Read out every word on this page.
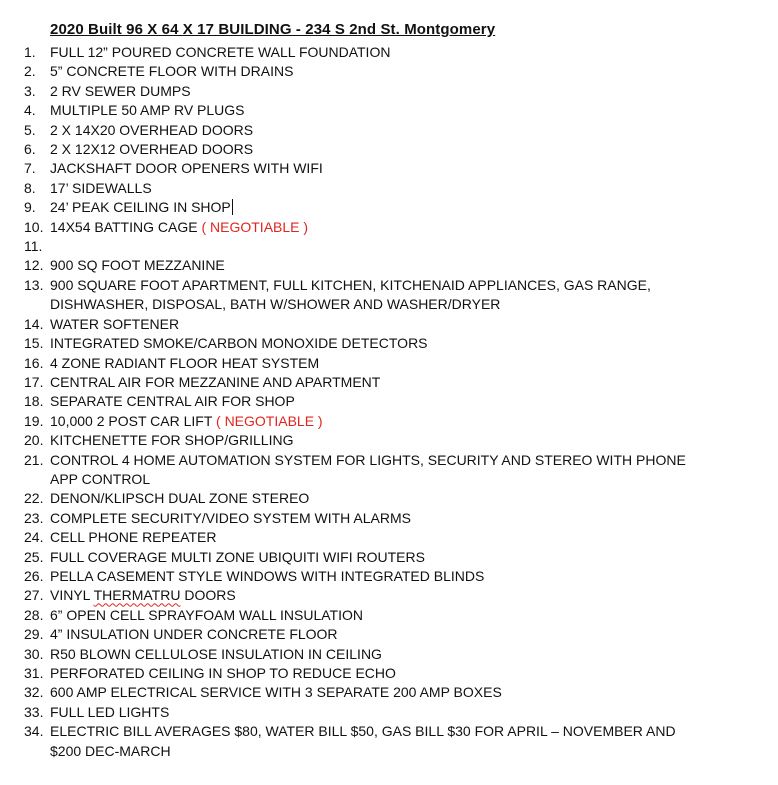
2020 Built 96 X 64 X 17 BUILDING - 234 S 2nd St. Montgomery
1.	FULL 12” POURED CONCRETE WALL FOUNDATION
2.	5” CONCRETE FLOOR WITH DRAINS
3.	2 RV SEWER DUMPS
4.	MULTIPLE 50 AMP RV PLUGS
5.	2 X 14X20 OVERHEAD DOORS
6.	2 X 12X12 OVERHEAD DOORS
7.	JACKSHAFT DOOR OPENERS WITH WIFI
8.	17’ SIDEWALLS
9.	24’ PEAK CEILING IN SHOP
10. 14X54 BATTING CAGE ( NEGOTIABLE )
11.
12. 900 SQ FOOT MEZZANINE
13. 900 SQUARE FOOT APARTMENT, FULL KITCHEN, KITCHENAID APPLIANCES, GAS RANGE, DISHWASHER, DISPOSAL, BATH W/SHOWER AND WASHER/DRYER
14. WATER SOFTENER
15. INTEGRATED SMOKE/CARBON MONOXIDE DETECTORS
16. 4 ZONE RADIANT FLOOR HEAT SYSTEM
17. CENTRAL AIR FOR MEZZANINE AND APARTMENT
18. SEPARATE CENTRAL AIR FOR SHOP
19. 10,000 2 POST CAR LIFT ( NEGOTIABLE )
20. KITCHENETTE FOR SHOP/GRILLING
21. CONTROL 4 HOME AUTOMATION SYSTEM FOR LIGHTS, SECURITY AND STEREO WITH PHONE APP CONTROL
22. DENON/KLIPSCH DUAL ZONE STEREO
23. COMPLETE SECURITY/VIDEO SYSTEM WITH ALARMS
24. CELL PHONE REPEATER
25. FULL COVERAGE MULTI ZONE UBIQUITI WIFI ROUTERS
26. PELLA CASEMENT STYLE WINDOWS WITH INTEGRATED BLINDS
27. VINYL THERMATRU DOORS
28. 6” OPEN CELL SPRAYFOAM WALL INSULATION
29. 4” INSULATION UNDER CONCRETE FLOOR
30. R50 BLOWN CELLULOSE INSULATION IN CEILING
31. PERFORATED CEILING IN SHOP TO REDUCE ECHO
32. 600 AMP ELECTRICAL SERVICE WITH 3 SEPARATE 200 AMP BOXES
33. FULL LED LIGHTS
34. ELECTRIC BILL AVERAGES $80, WATER BILL $50, GAS BILL $30 FOR APRIL – NOVEMBER AND $200 DEC-MARCH
